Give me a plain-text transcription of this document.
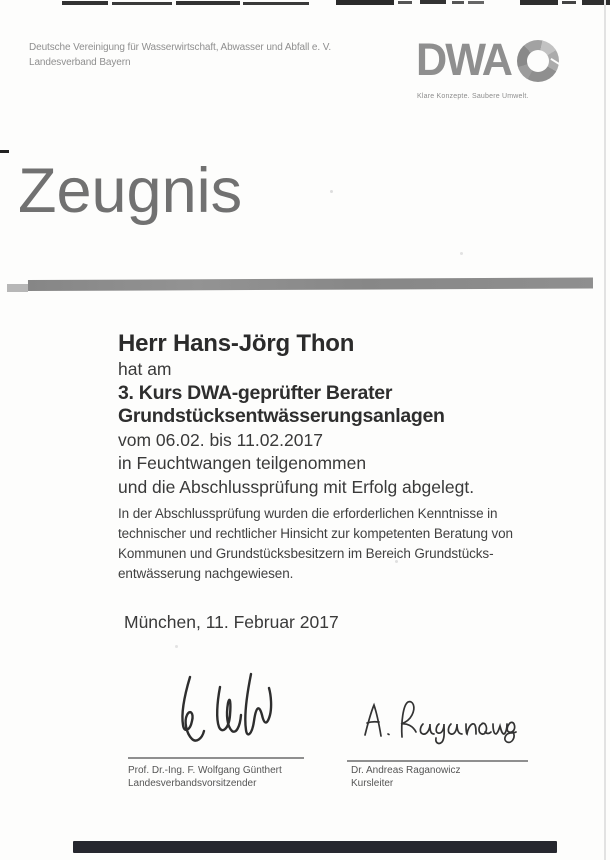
Deutsche Vereinigung für Wasserwirtschaft, Abwasser und Abfall e. V.
Landesverband Bayern	DWA
Klare Konzepte. Saubere Umwelt.
Zeugnis
Herr Hans-Jörg Thon
hat am
3. Kurs DWA-geprüfter Berater
Grundstücksentwässerungsanlagen
vom 06.02. bis 11.02.2017
in Feuchtwangen teilgenommen
und die Abschlussprüfung mit Erfolg abgelegt.
In der Abschlussprüfung wurden die erforderlichen Kenntnisse in
technischer und rechtlicher Hinsicht zur kompetenten Beratung von
Kommunen und Grundstücksbesitzern im Bereich Grundstücks-
entwässerung nachgewiesen.
München, 11. Februar 2017
Prof. Dr.-Ing. F. Wolfgang Günthert
Landesverbandsvorsitzender
Dr. Andreas Raganowicz
Kursleiter
